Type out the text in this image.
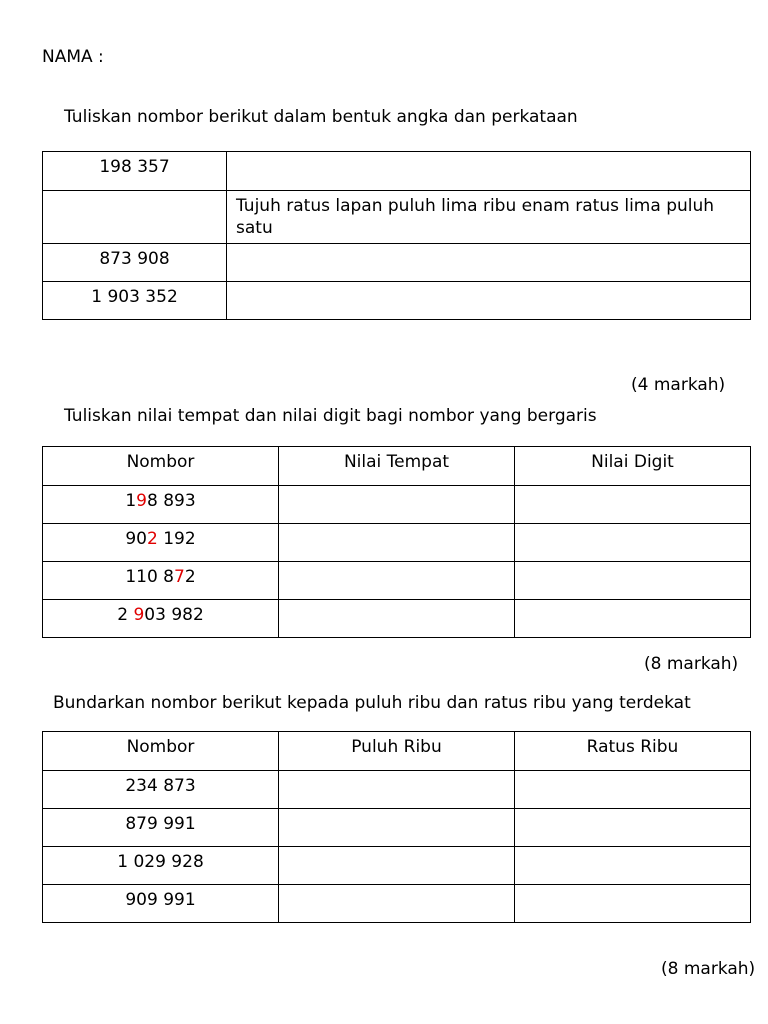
NAMA :
Tuliskan nombor berikut dalam bentuk angka dan perkataan
198 357	

	Tujuh ratus lapan puluh lima ribu enam ratus lima puluh satu

873 908	

1 903 352	

(4 markah)
Tuliskan nilai tempat dan nilai digit bagi nombor yang bergaris
Nombor	Nilai Tempat	Nilai Digit

198 893		

902 192		

110 872		

2 903 982		

(8 markah)
Bundarkan nombor berikut kepada puluh ribu dan ratus ribu yang terdekat
Nombor	Puluh Ribu	Ratus Ribu

234 873		

879 991		

1 029 928		

909 991		

(8 markah)
